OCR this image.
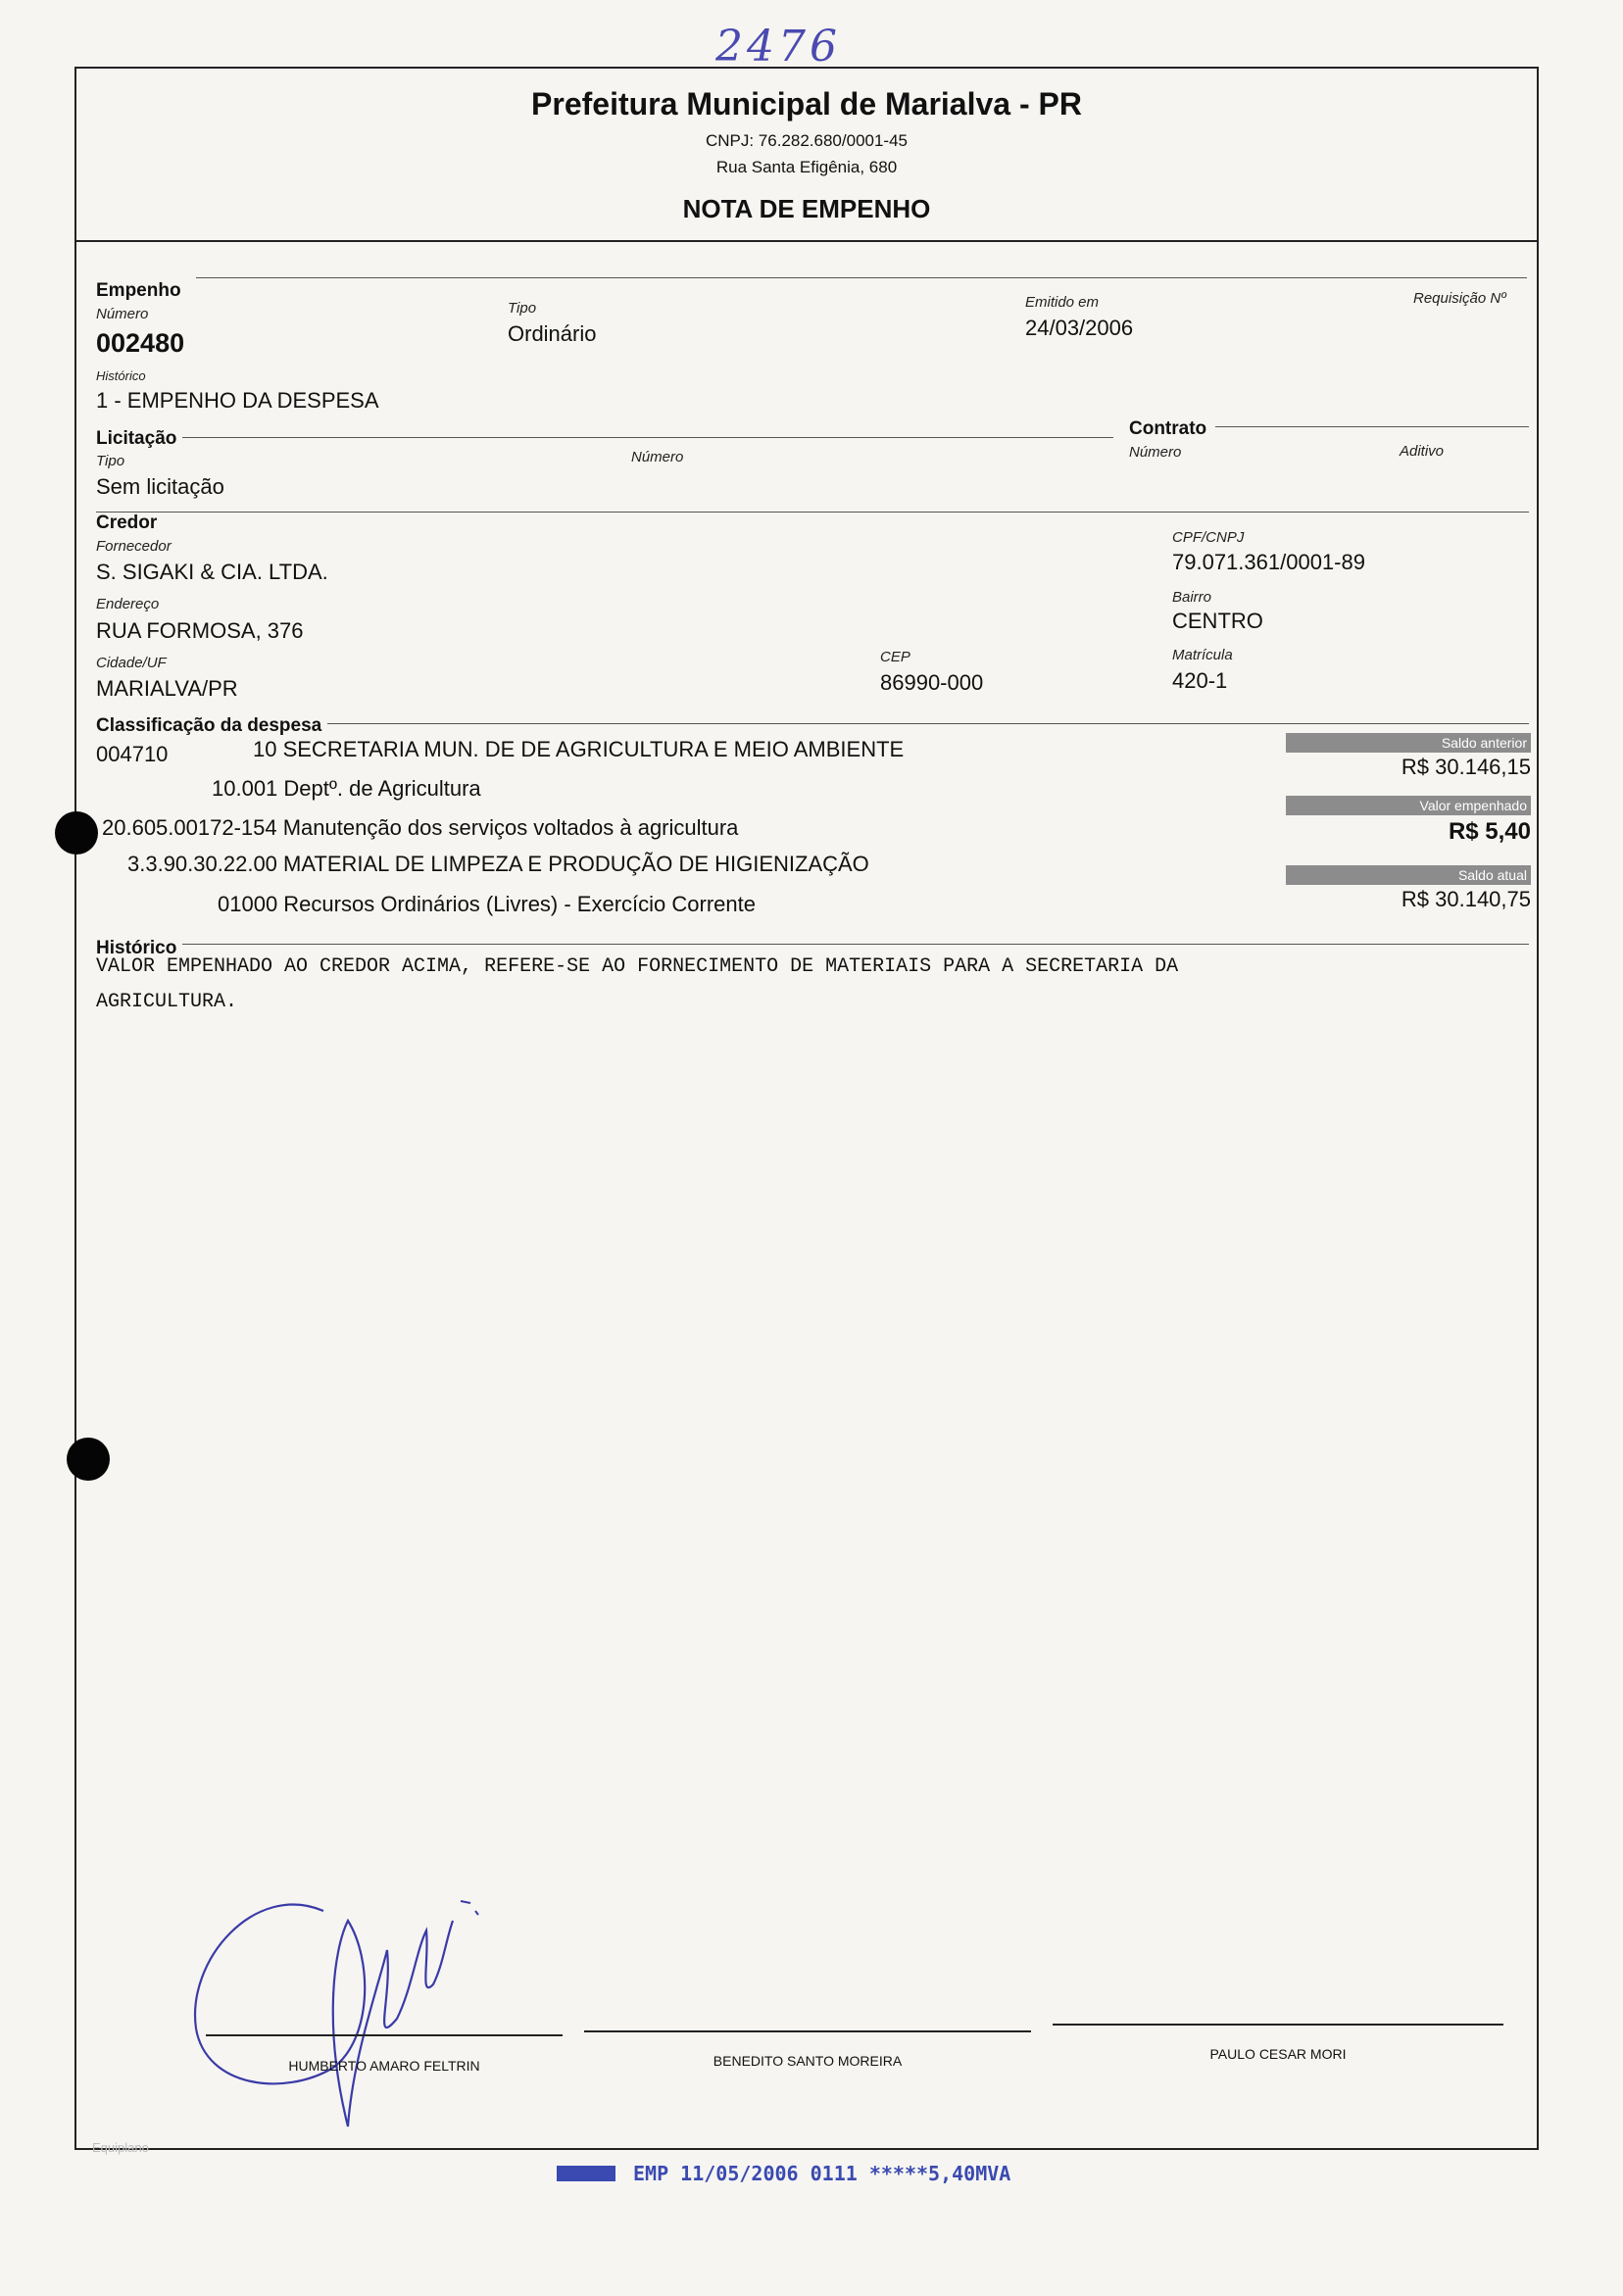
2476
Prefeitura Municipal de Marialva - PR
CNPJ: 76.282.680/0001-45
Rua Santa Efigênia, 680
NOTA DE EMPENHO
Empenho
Número
002480
Tipo
Ordinário
Emitido em
24/03/2006
Requisição Nº
Histórico
1 - EMPENHO DA DESPESA
Licitação
Tipo
Sem licitação
Número
Contrato
Número	Aditivo
Credor
Fornecedor
S. SIGAKI & CIA. LTDA.
CPF/CNPJ
79.071.361/0001-89
Endereço
RUA FORMOSA, 376
Bairro
CENTRO
Cidade/UF
MARIALVA/PR
CEP
86990-000
Matrícula
420-1
Classificação da despesa
004710	10 SECRETARIA MUN. DE DE AGRICULTURA E MEIO AMBIENTE
10.001 Deptº. de Agricultura
20.605.00172-154 Manutenção dos serviços voltados à agricultura
3.3.90.30.22.00 MATERIAL DE LIMPEZA E PRODUÇÃO DE HIGIENIZAÇÃO
01000 Recursos Ordinários (Livres) - Exercício Corrente
Saldo anterior
R$ 30.146,15
Valor empenhado
R$ 5,40
Saldo atual
R$ 30.140,75
Histórico
VALOR EMPENHADO AO CREDOR ACIMA, REFERE-SE AO FORNECIMENTO DE MATERIAIS PARA A SECRETARIA DA
AGRICULTURA.
HUMBERTO AMARO FELTRIN	BENEDITO SANTO MOREIRA	PAULO CESAR MORI
Equiplano
EMP 11/05/2006 0111 *****5,40MVA
